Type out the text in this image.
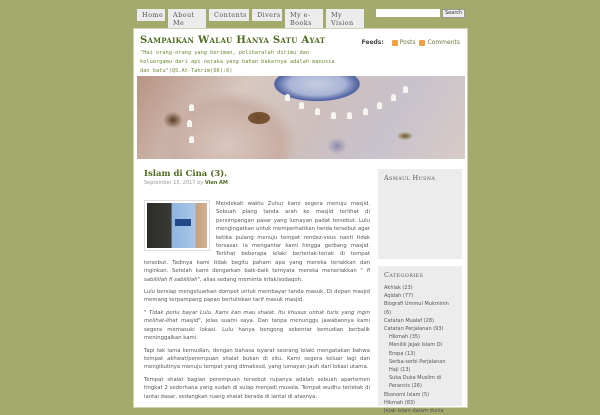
Home	About Me
Contents	Divers	My e-Books
My Vision
Search
Sampaikan Walau Hanya Satu Ayat
"Hai orang-orang yang beriman, peliharalah dirimu dan keluargamu dari api neraka yang bahan bakarnya adalah manusia dan batu"(QS.At-Tahrim(66):6)
Feeds:	Posts	Comments
Islam di Cina (3).
September 15, 2017 by Vien AM

Mendekati waktu Zuhur kami segera menuju masjid. Sebuah plang tanda arah ke masjid terlihat di persimpangan pasar yang lumayan padat tersebut. Lulu mengingatkan untuk memperhatikan tanda tersebut agar ketika pulang menuju tempat rendez-vous nanti tidak tersasar. Ia mengantar kami hingga gerbang masjid. Terlihat beberapa lelaki berteriak-teriak di tempat tersebut. Tadinya kami tidak begitu paham apa yang mereka teriakkan dan inginkan. Setelah kami dengarkan baik-baik ternyata mereka meneriakkan " fi sabilillah fi sabilillah", alias sedang meminta infak/sodaqoh.

Lulu bersiap mengeluarkan dompet untuk membayar tanda masuk. Di depan masjid memang terpampang papan bertuliskan tarif masuk masjid.

" Tidak perlu bayar Lulu. Kami kan mau shalat. Itu khusus untuk turis yang ingin melihat-lihat masjid", jelas suami saya. Dan tanpa menunggu jawabannya kami segera memasuki lokasi. Lulu hanya bengong sebentar kemudian berbalik meninggalkan kami.

Tapi tak lama kemudian, dengan bahasa isyarat seorang lelaki mengatakan bahwa tempat akhwat/perempuan shalat bukan di situ. Kami segera keluar lagi dan mengikutinya menuju tempat yang dimaksud, yang lumayan jauh dari lokasi utama.

Tempat shalat bagian perempuan tersebut rupanya adalah sebuah apartemen tingkat 2 sederhana yang sudah di sulap menjadi musola. Tempat wudhu terletak di lantai dasar, sedangkan ruang shalat berada di lantai di atasnya.

Asmaul Husna
Categories
Akhlak (23)
Aqidah (77)
Biografi Ummul Mukminin (6)
Catatan Mualaf (28)
Catatan Perjalanan (93)
Hikmah (35)
Menilik Jejak Islam Di Eropa (13)
Serba-serbi Perjalanan Haji (13)
Suka Duka Muslim di Perancis (26)
Ekonomi Islam (5)
Hikmah (83)
Jejak Islam dalam dunia
